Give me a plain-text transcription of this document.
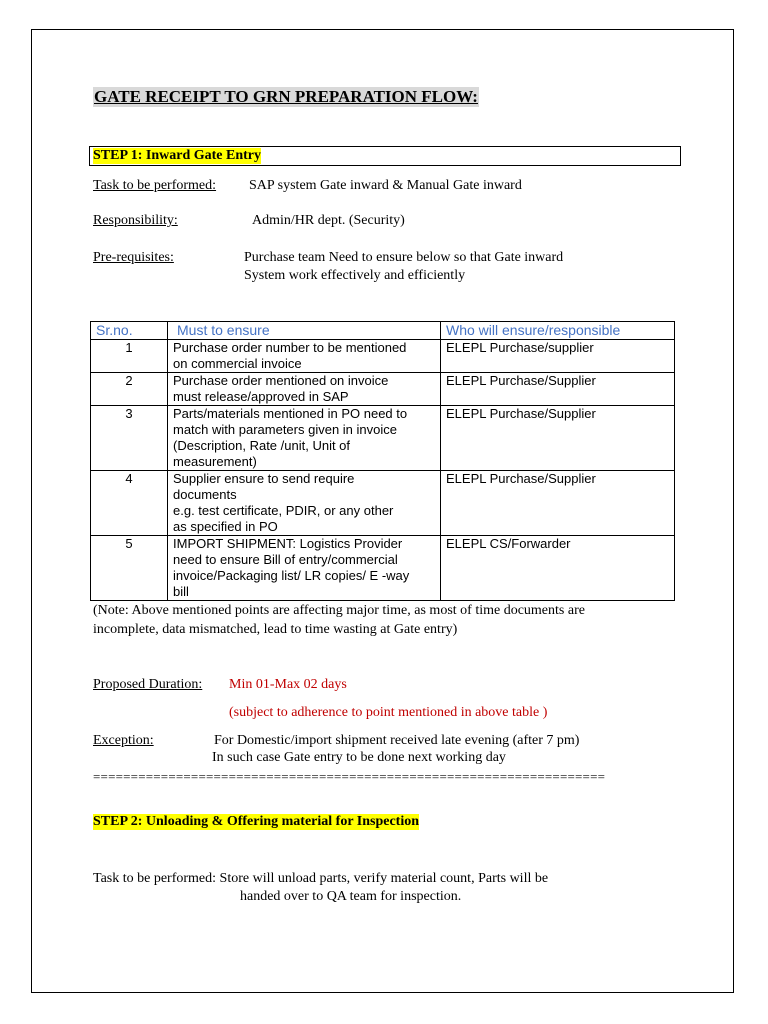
GATE RECEIPT TO GRN PREPARATION FLOW:
STEP 1: Inward Gate Entry
Task to be performed: SAP system Gate inward & Manual Gate inward
Responsibility:	Admin/HR dept. (Security)
Pre-requisites:	Purchase team Need to ensure below so that Gate inward
System work effectively and efficiently
Sr.no.	Must to ensure	Who will ensure/responsible
1	Purchase order number to be mentioned
on commercial invoice	ELEPL Purchase/supplier
2	Purchase order mentioned on invoice
must release/approved in SAP	ELEPL Purchase/Supplier
3	Parts/materials mentioned in PO need to
match with parameters given in invoice
(Description, Rate /unit, Unit of
measurement)	ELEPL Purchase/Supplier
4	Supplier ensure to send require
documents
e.g. test certificate, PDIR, or any other
as specified in PO	ELEPL Purchase/Supplier
5	IMPORT SHIPMENT: Logistics Provider
need to ensure Bill of entry/commercial
invoice/Packaging list/ LR copies/ E -way
bill	ELEPL CS/Forwarder
(Note: Above mentioned points are affecting major time, as most of time documents are
incomplete, data mismatched, lead to time wasting at Gate entry)
Proposed Duration: Min 01-Max 02 days
(subject to adherence to point mentioned in above table )
Exception:	For Domestic/import shipment received late evening (after 7 pm)
In such case Gate entry to be done next working day
====================================================================
STEP 2: Unloading & Offering material for Inspection
Task to be performed: Store will unload parts, verify material count, Parts will be
handed over to QA team for inspection.
